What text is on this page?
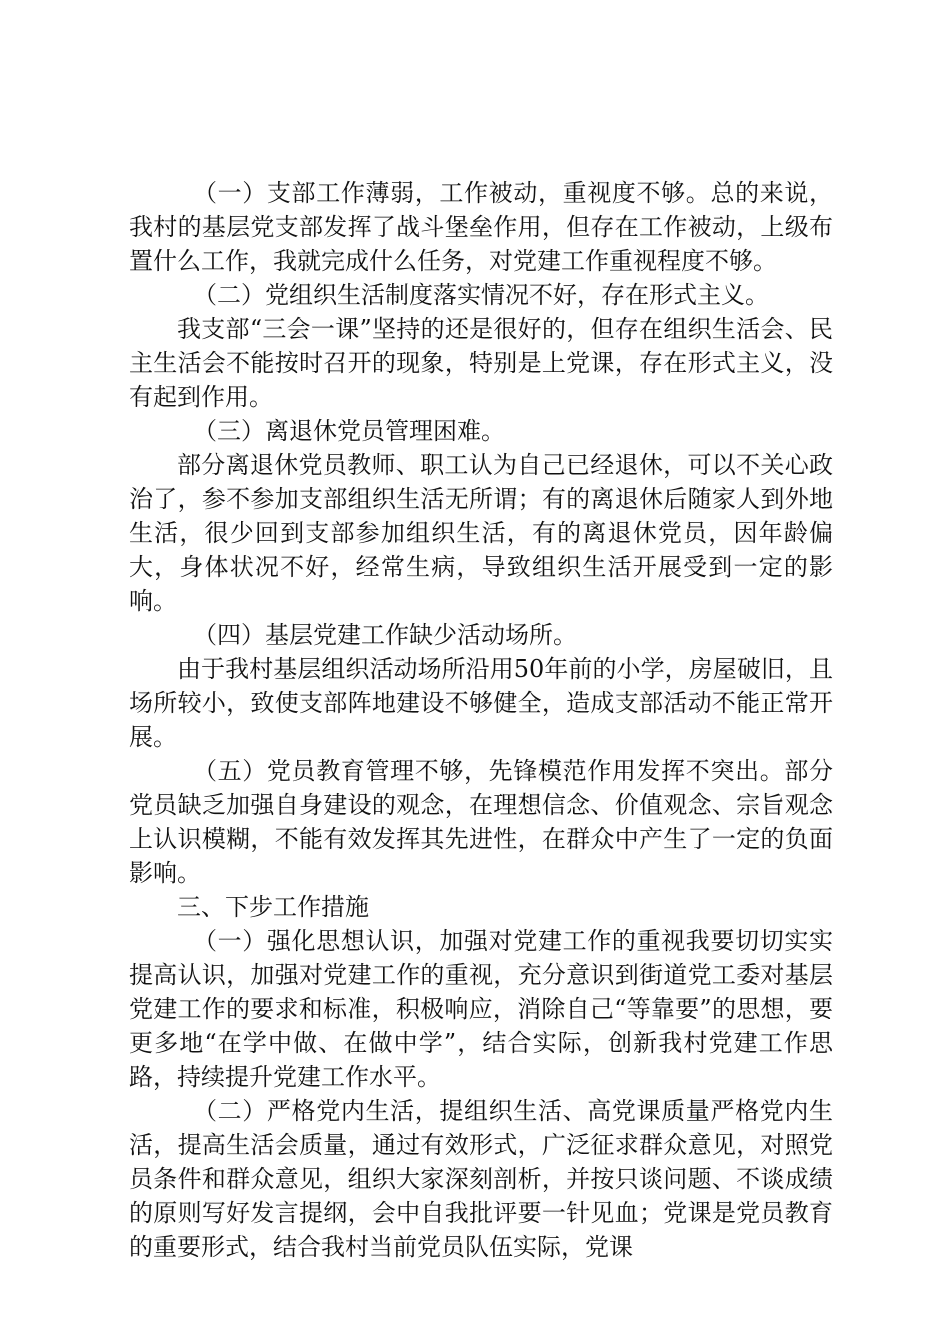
（一）支部工作薄弱，工作被动，重视度不够。总的来说，我村的基层党支部发挥了战斗堡垒作用，但存在工作被动，上级布置什么工作，我就完成什么任务，对党建工作重视程度不够。

（二）党组织生活制度落实情况不好，存在形式主义。

我支部“三会一课”坚持的还是很好的，但存在组织生活会、民主生活会不能按时召开的现象，特别是上党课，存在形式主义，没有起到作用。

（三）离退休党员管理困难。

部分离退休党员教师、职工认为自己已经退休，可以不关心政治了，参不参加支部组织生活无所谓；有的离退休后随家人到外地生活，很少回到支部参加组织生活，有的离退休党员，因年龄偏大，身体状况不好，经常生病，导致组织生活开展受到一定的影响。

（四）基层党建工作缺少活动场所。

由于我村基层组织活动场所沿用50年前的小学，房屋破旧，且场所较小，致使支部阵地建设不够健全，造成支部活动不能正常开展。

（五）党员教育管理不够，先锋模范作用发挥不突出。部分党员缺乏加强自身建设的观念，在理想信念、价值观念、宗旨观念上认识模糊，不能有效发挥其先进性，在群众中产生了一定的负面影响。

三、下步工作措施

（一）强化思想认识，加强对党建工作的重视我要切切实实提高认识，加强对党建工作的重视，充分意识到街道党工委对基层党建工作的要求和标准，积极响应，消除自己“等靠要”的思想，要更多地“在学中做、在做中学”，结合实际，创新我村党建工作思路，持续提升党建工作水平。

（二）严格党内生活，提组织生活、高党课质量严格党内生活，提高生活会质量，通过有效形式，广泛征求群众意见，对照党员条件和群众意见，组织大家深刻剖析，并按只谈问题、不谈成绩的原则写好发言提纲，会中自我批评要一针见血；党课是党员教育的重要形式，结合我村当前党员队伍实际，党课
